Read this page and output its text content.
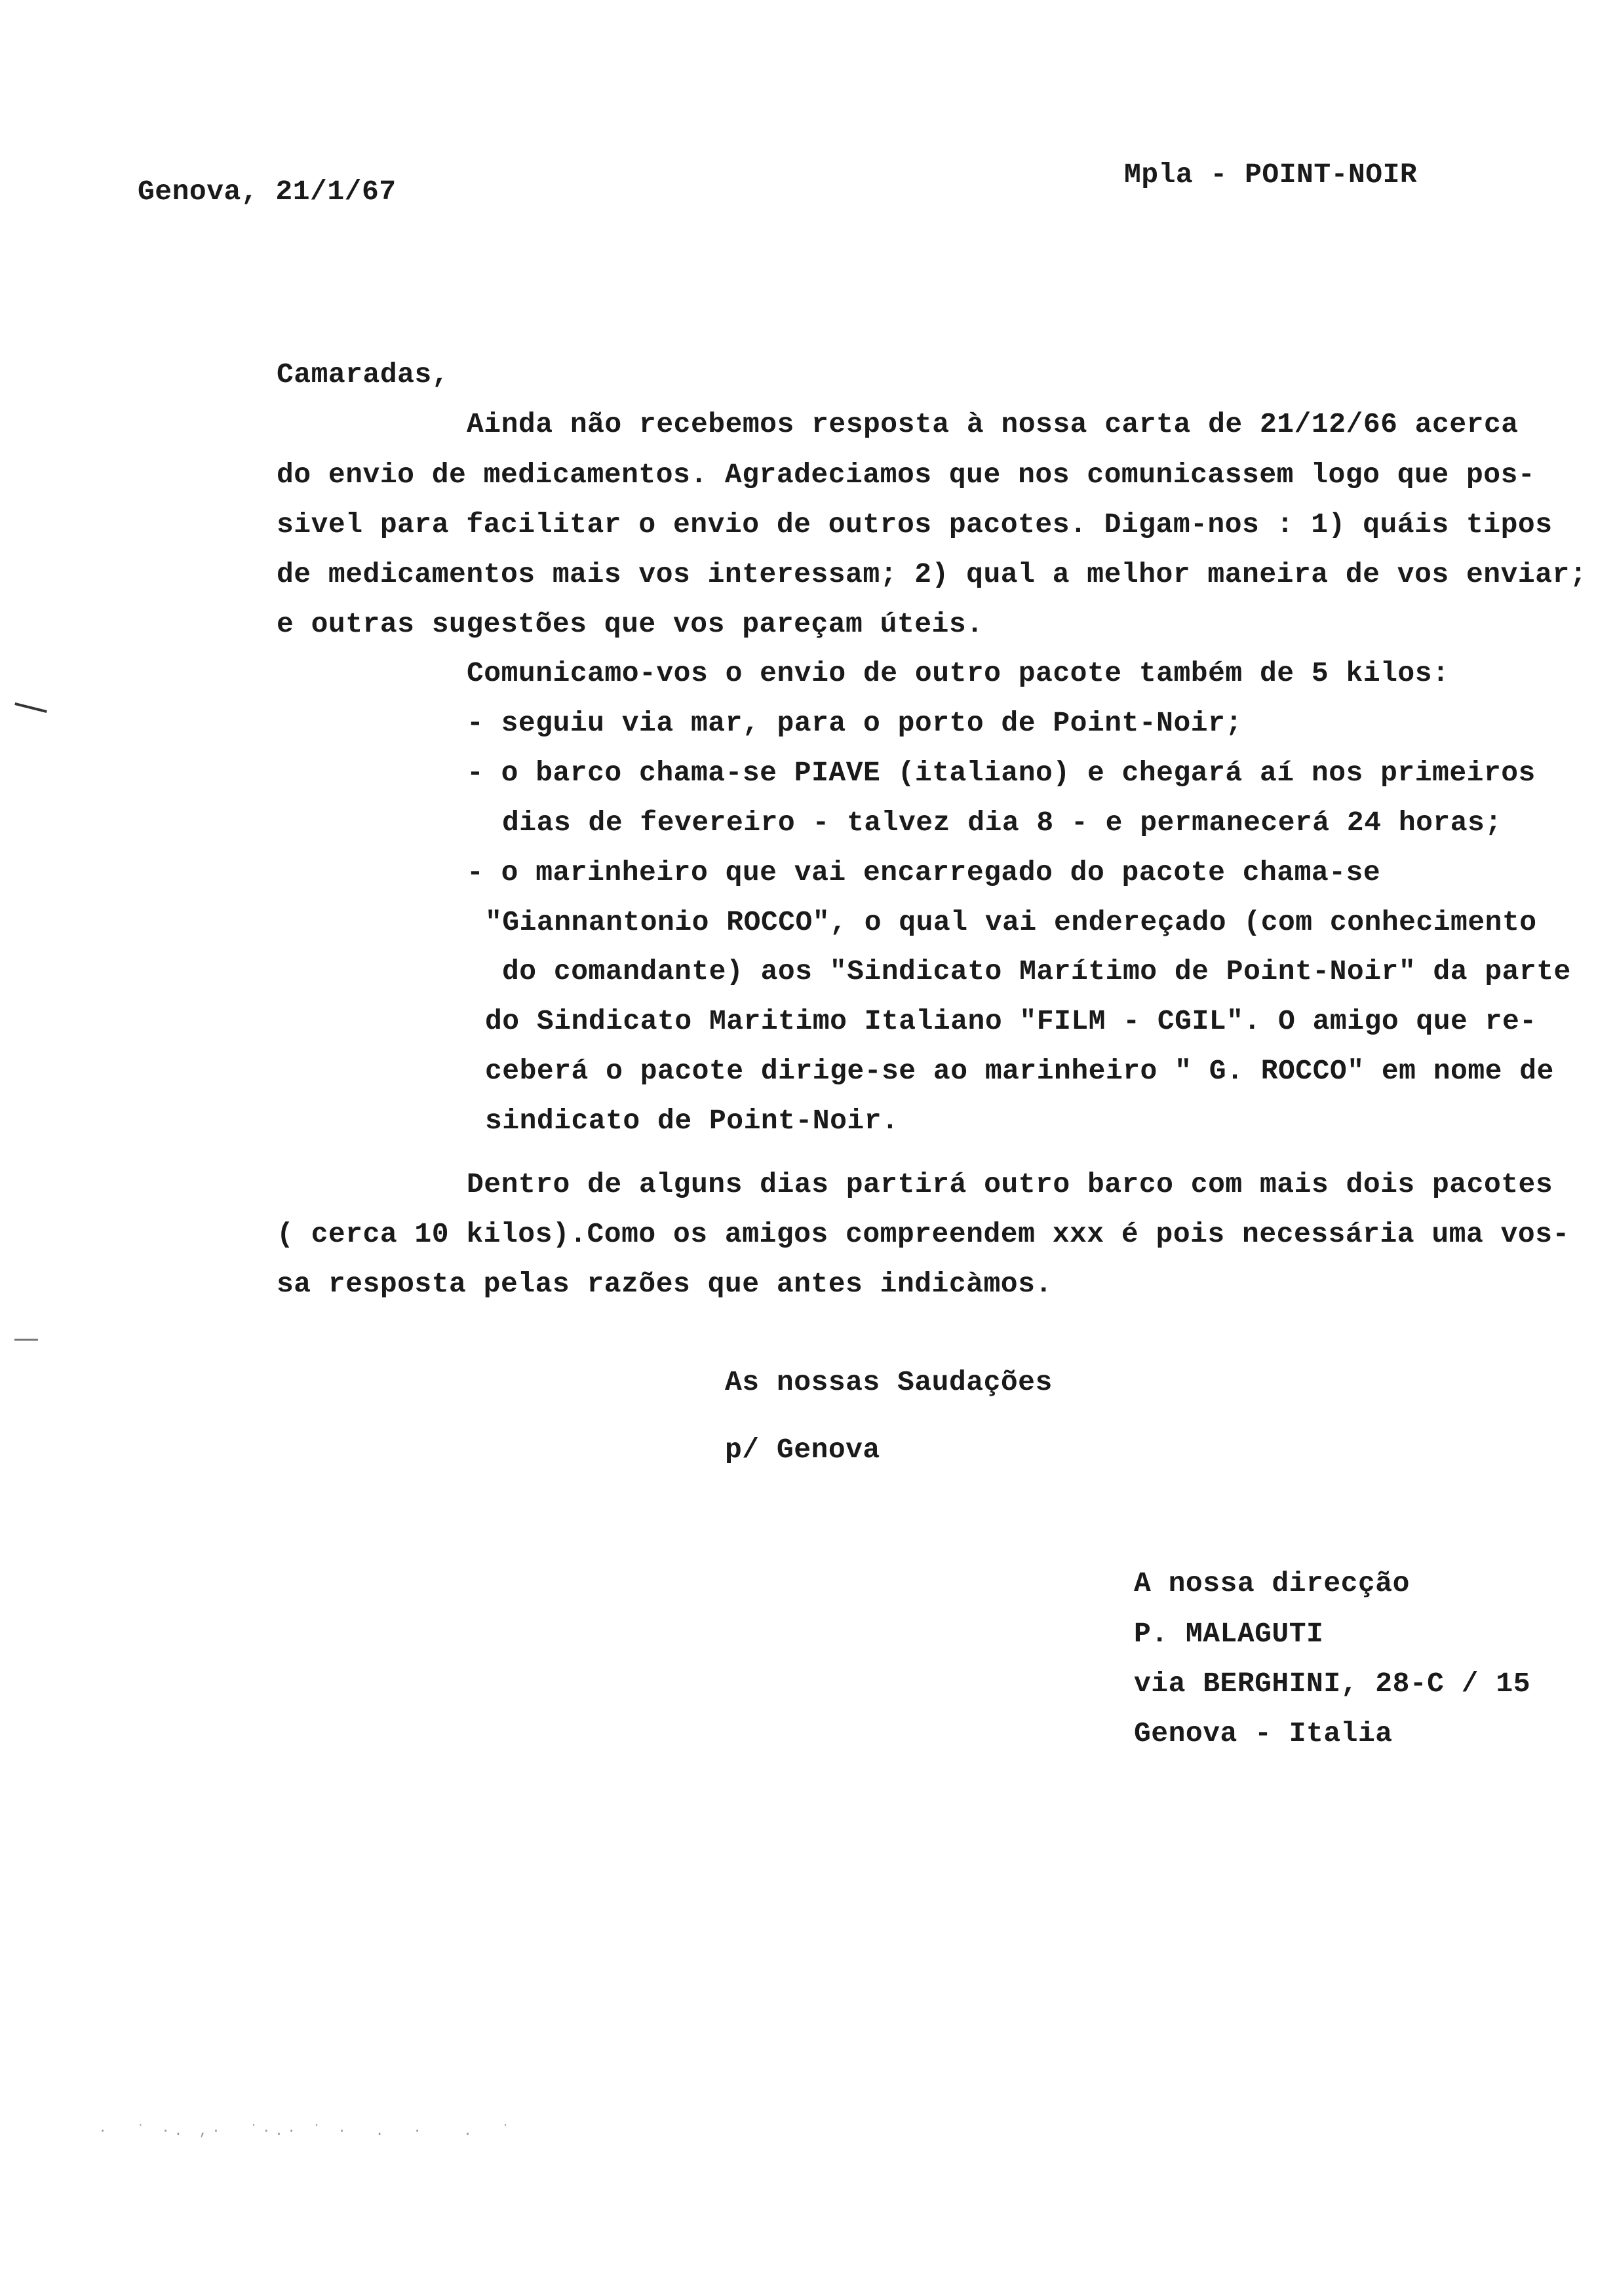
Genova, 21/1/67
Mpla - POINT-NOIR
Camaradas,
Ainda não recebemos resposta à nossa carta de 21/12/66 acerca
do envio de medicamentos. Agradeciamos que nos comunicassem logo que pos-
sivel para facilitar o envio de outros pacotes. Digam-nos : 1) quáis tipos
de medicamentos mais vos interessam; 2) qual a melhor maneira de vos enviar;
e outras sugestões que vos pareçam úteis.
Comunicamo-vos o envio de outro pacote também de 5 kilos:
- seguiu via mar, para o porto de Point-Noir;
- o barco chama-se PIAVE (italiano) e chegará aí nos primeiros
dias de fevereiro - talvez dia 8 - e permanecerá 24 horas;
- o marinheiro que vai encarregado do pacote chama-se
"Giannantonio ROCCO", o qual vai endereçado (com conhecimento
do comandante) aos "Sindicato Marítimo de Point-Noir" da parte
do Sindicato Maritimo Italiano "FILM - CGIL". O amigo que re-
ceberá o pacote dirige-se ao marinheiro " G. ROCCO" em nome de
sindicato de Point-Noir.
Dentro de alguns dias partirá outro barco com mais dois pacotes
( cerca 10 kilos).Como os amigos compreendem xxx é pois necessária uma vos-
sa resposta pelas razões que antes indicàmos.
As nossas Saudações
p/ Genova
A nossa direcção
P. MALAGUTI
via BERGHINI, 28-C / 15
Genova - Italia
·  ˙ ·. ,·  ˙·.· ˙ ·  .  ·   .  ˙
